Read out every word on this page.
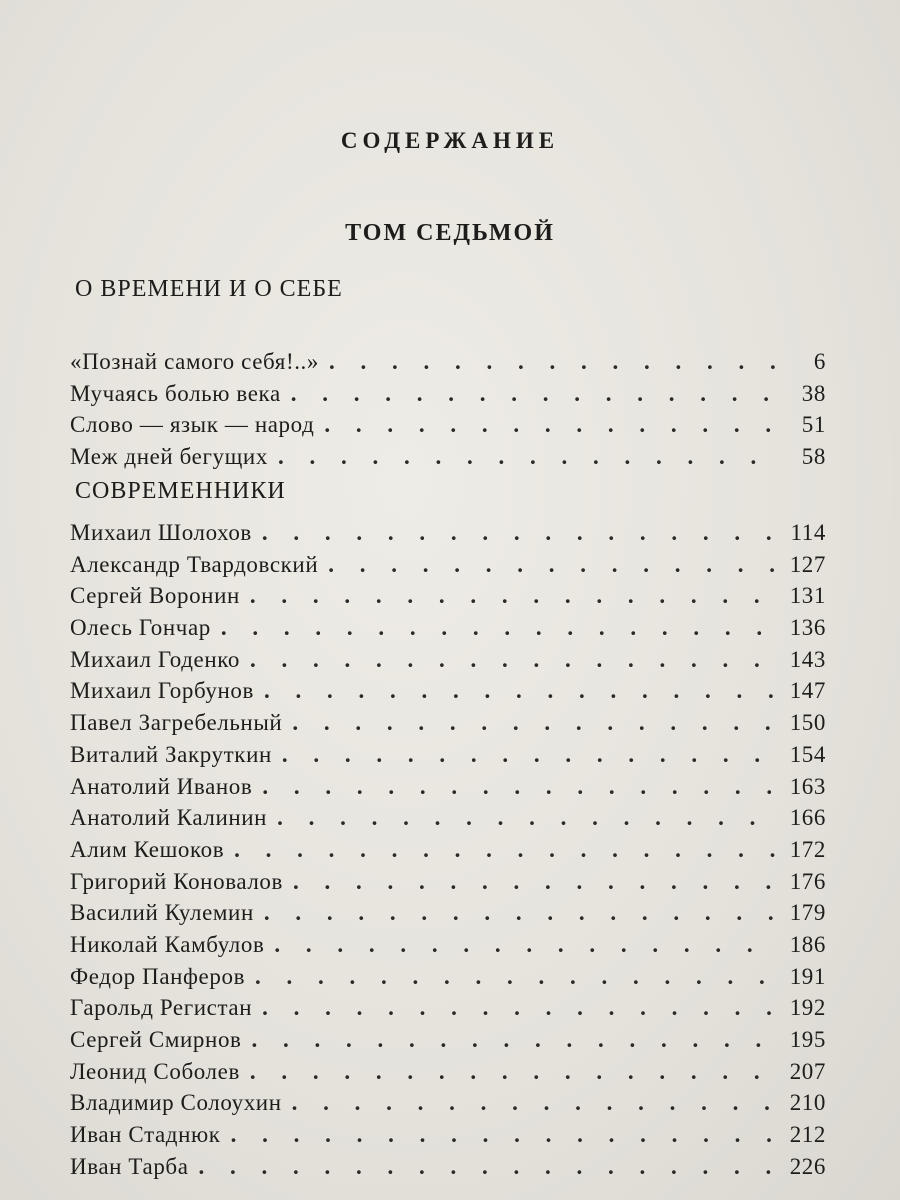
СОДЕРЖАНИЕ
ТОМ СЕДЬМОЙ
О ВРЕМЕНИ И О СЕБЕ
«Познай самого себя!..» . . .	6
Мучаясь болью века . . .	38
Слово — язык — народ . . .	51
Меж дней бегущих . . .	58
СОВРЕМЕННИКИ
Михаил Шолохов . . .	114
Александр Твардовский . . .	127
Сергей Воронин . . .	131
Олесь Гончар . . .	136
Михаил Годенко . . .	143
Михаил Горбунов . . .	147
Павел Загребельный . . .	150
Виталий Закруткин . . .	154
Анатолий Иванов . . .	163
Анатолий Калинин . . .	166
Алим Кешоков . . .	172
Григорий Коновалов . . .	176
Василий Кулемин . . .	179
Николай Камбулов . . .	186
Федор Панферов . . .	191
Гарольд Регистан . . .	192
Сергей Смирнов . . .	195
Леонид Соболев . . .	207
Владимир Солоухин . . .	210
Иван Стаднюк . . .	212
Иван Тарба . . .	226
